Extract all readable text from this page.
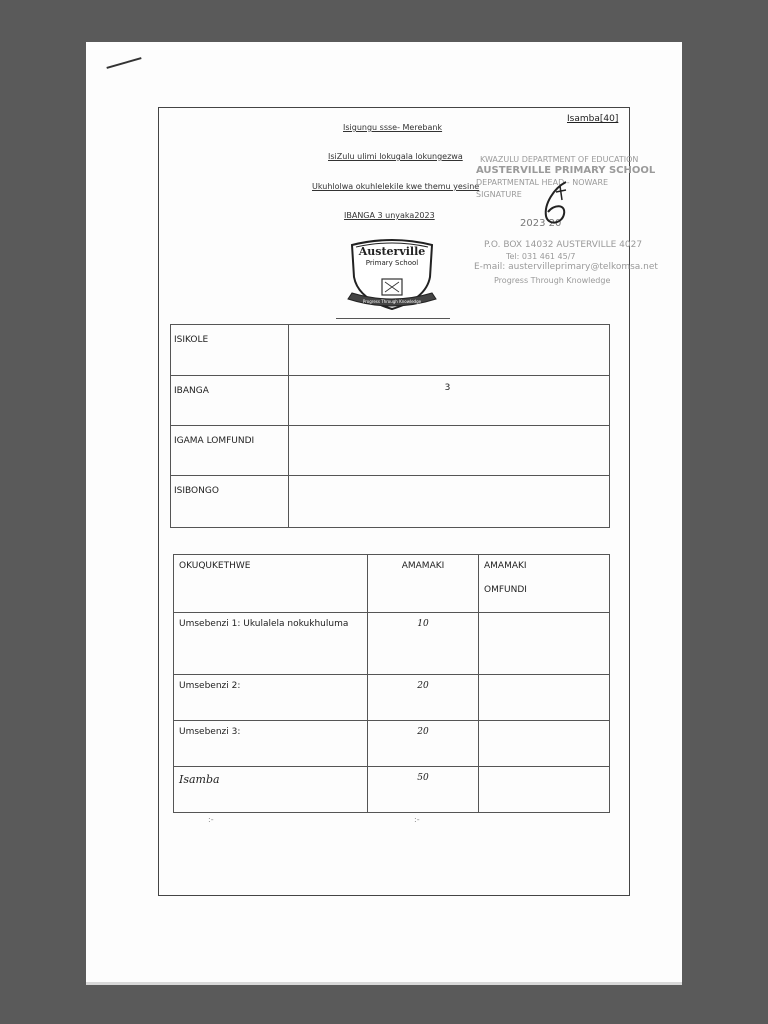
Isigungu ssse- Merebank
IsiZulu ulimi lokugala lokungezwa
Ukuhlolwa okuhlelekile kwe themu yesine
IBANGA 3 unyaka2023
Isamba[40]
KWAZULU DEPARTMENT OF EDUCATION
AUSTERVILLE PRIMARY SCHOOL
DEPARTMENTAL HEAD - NOWARE
SIGNATURE
2023 20
P.O. BOX 14032 AUSTERVILLE 4027
Tel: 031 461 45/7
E-mail: austervilleprimary@telkomsa.net
Progress Through Knowledge
Austerville
Primary School
Progress Through Knowledge
ISIKOLE	
IBANGA	3
IGAMA LOMFUNDI	
ISIBONGO	
OKUQUKETHWE	AMAMAKI	AMAMAKI
OMFUNDI

Umsebenzi 1: Ukulalela nokukhuluma	10	
Umsebenzi 2:	20	
Umsebenzi 3:	20	
Isamba	50	
:-	:-
